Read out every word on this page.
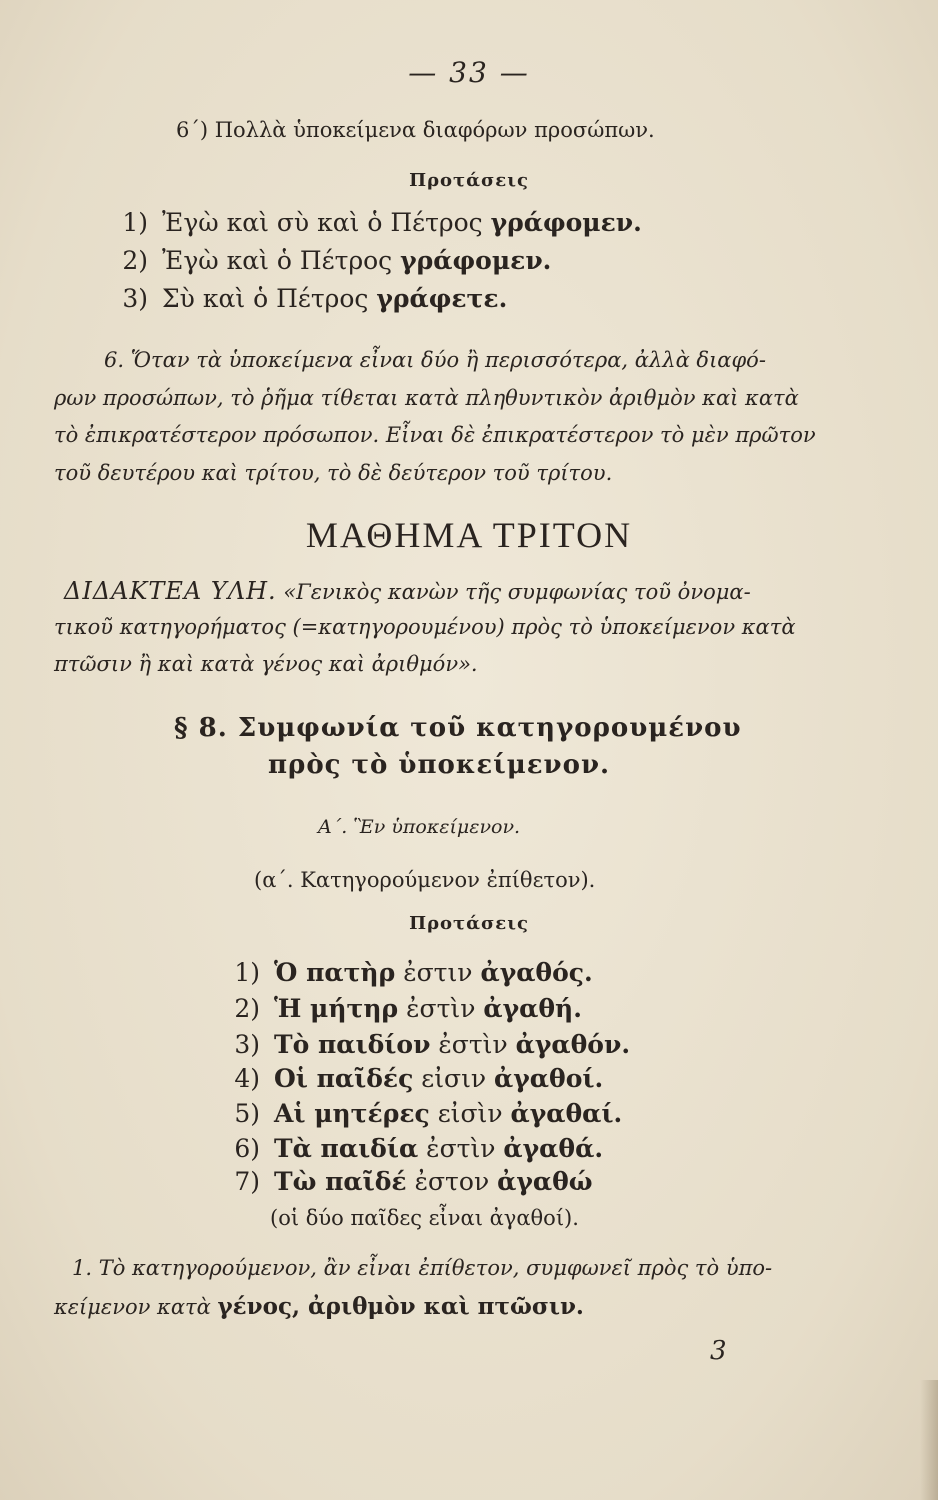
— 33 —
6΄) Πολλὰ ὑποκείμενα διαφόρων προσώπων.
Προτάσεις
1) Ἐγὼ καὶ σὺ καὶ ὁ Πέτρος γράφομεν.
2) Ἐγὼ καὶ ὁ Πέτρος γράφομεν.
3) Σὺ καὶ ὁ Πέτρος γράφετε.
6. Ὅταν τὰ ὑποκείμενα εἶναι δύο ἢ περισσότερα, ἀλλὰ διαφό-
ρων προσώπων, τὸ ῥῆμα τίθεται κατὰ πληθυντικὸν ἀριθμὸν καὶ κατὰ
τὸ ἐπικρατέστερον πρόσωπον. Εἶναι δὲ ἐπικρατέστερον τὸ μὲν πρῶτον
τοῦ δευτέρου καὶ τρίτου, τὸ δὲ δεύτερον τοῦ τρίτου.
ΜΑΘΗΜΑ ΤΡΙΤΟΝ
ΔΙΔΑΚΤΕΑ ΥΛΗ. «Γενικὸς κανὼν τῆς συμφωνίας τοῦ ὀνομα-
τικοῦ κατηγορήματος (=κατηγορουμένου) πρὸς τὸ ὑποκείμενον κατὰ
πτῶσιν ἢ καὶ κατὰ γένος καὶ ἀριθμόν».
§ 8. Συμφωνία τοῦ κατηγορουμένου
πρὸς τὸ ὑποκείμενον.
Α΄. Ἓν ὑποκείμενον.
(α΄. Κατηγορούμενον ἐπίθετον).
Προτάσεις
1) Ὁ πατὴρ ἐστιν ἀγαθός.
2) Ἡ μήτηρ ἐστὶν ἀγαθή.
3) Τὸ παιδίον ἐστὶν ἀγαθόν.
4) Οἱ παῖδές εἰσιν ἀγαθοί.
5) Αἱ μητέρες εἰσὶν ἀγαθαί.
6) Τὰ παιδία ἐστὶν ἀγαθά.
7) Τὼ παῖδέ ἐστον ἀγαθώ
(οἱ δύο παῖδες εἶναι ἀγαθοί).
1. Τὸ κατηγορούμενον, ἂν εἶναι ἐπίθετον, συμφωνεῖ πρὸς τὸ ὑπο-
κείμενον κατὰ γένος, ἀριθμὸν καὶ πτῶσιν.
3
